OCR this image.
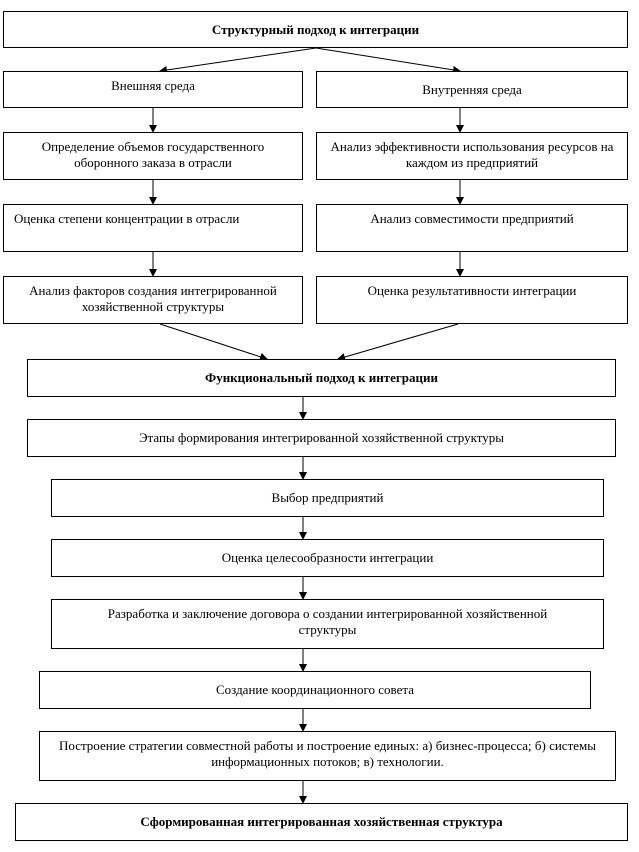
Структурный подход к интеграции
Внешняя среда	Внутренняя среда
Определение объемов государственного оборонного заказа в отрасли
Оценка степени концентрации в отрасли
Анализ факторов создания интегрированной хозяйственной структуры
Анализ эффективности использования ресурсов на каждом из предприятий
Анализ совместимости предприятий
Оценка результативности интеграции
Функциональный подход к интеграции
Этапы формирования интегрированной хозяйственной структуры
Выбор предприятий
Оценка целесообразности интеграции
Разработка и заключение договора о создании интегрированной хозяйственной структуры
Создание координационного совета
Построение стратегии совместной работы и построение единых: а) бизнес-процесса; б) системы информационных потоков; в) технологии.
Сформированная интегрированная хозяйственная структура
